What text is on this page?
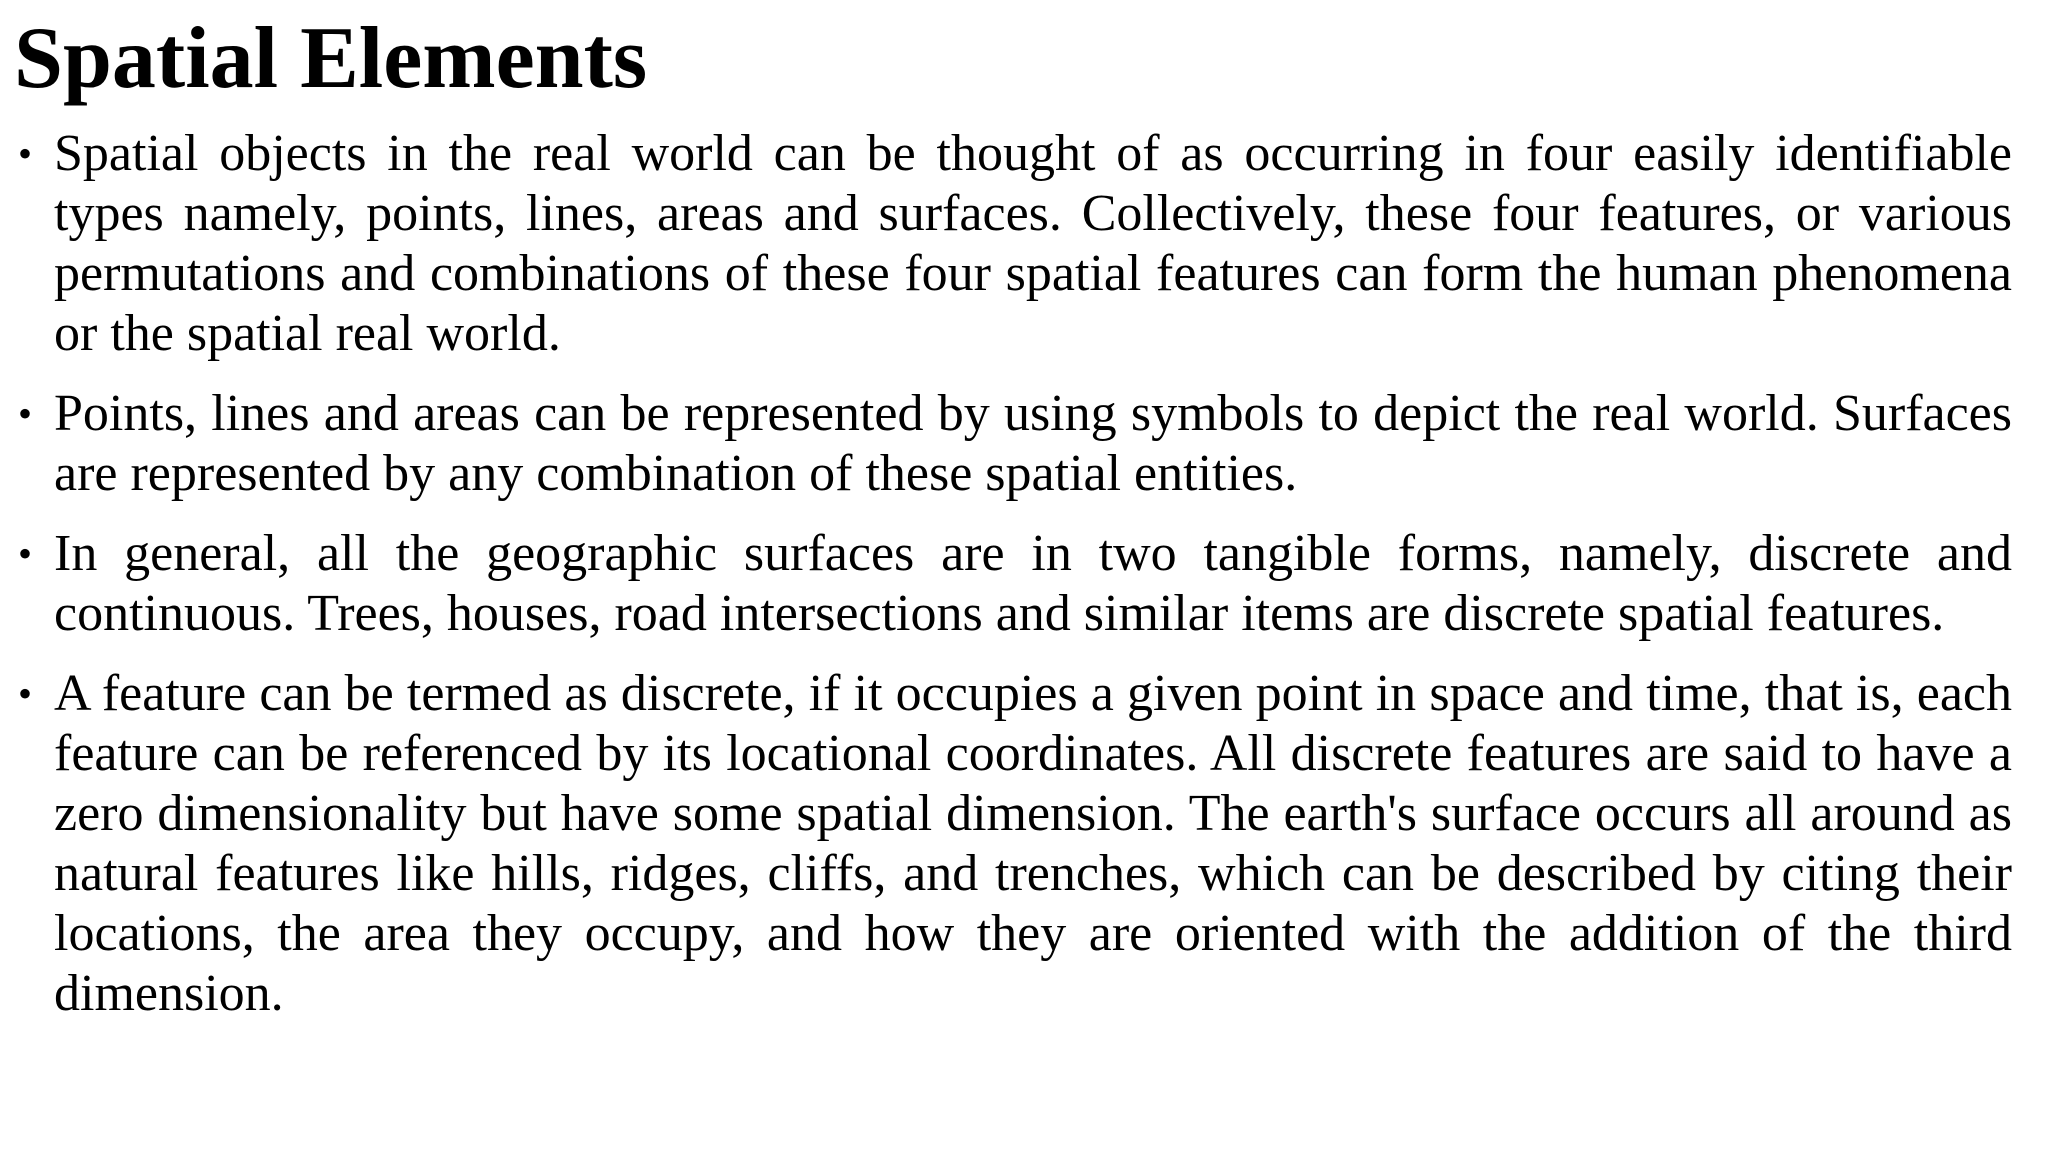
Spatial Elements
• Spatial objects in the real world can be thought of as occurring in four easily identifiable types namely, points, lines, areas and surfaces. Collectively, these four features, or various permutations and combinations of these four spatial features can form the human phenomena or the spatial real world.
• Points, lines and areas can be represented by using symbols to depict the real world. Surfaces are represented by any combination of these spatial entities.
• In general, all the geographic surfaces are in two tangible forms, namely, discrete and continuous. Trees, houses, road intersections and similar items are discrete spatial features.
• A feature can be termed as discrete, if it occupies a given point in space and time, that is, each feature can be referenced by its locational coordinates. All discrete features are said to have a zero dimensionality but have some spatial dimension. The earth's surface occurs all around as natural features like hills, ridges, cliffs, and trenches, which can be described by citing their locations, the area they occupy, and how they are oriented with the addition of the third dimension.
